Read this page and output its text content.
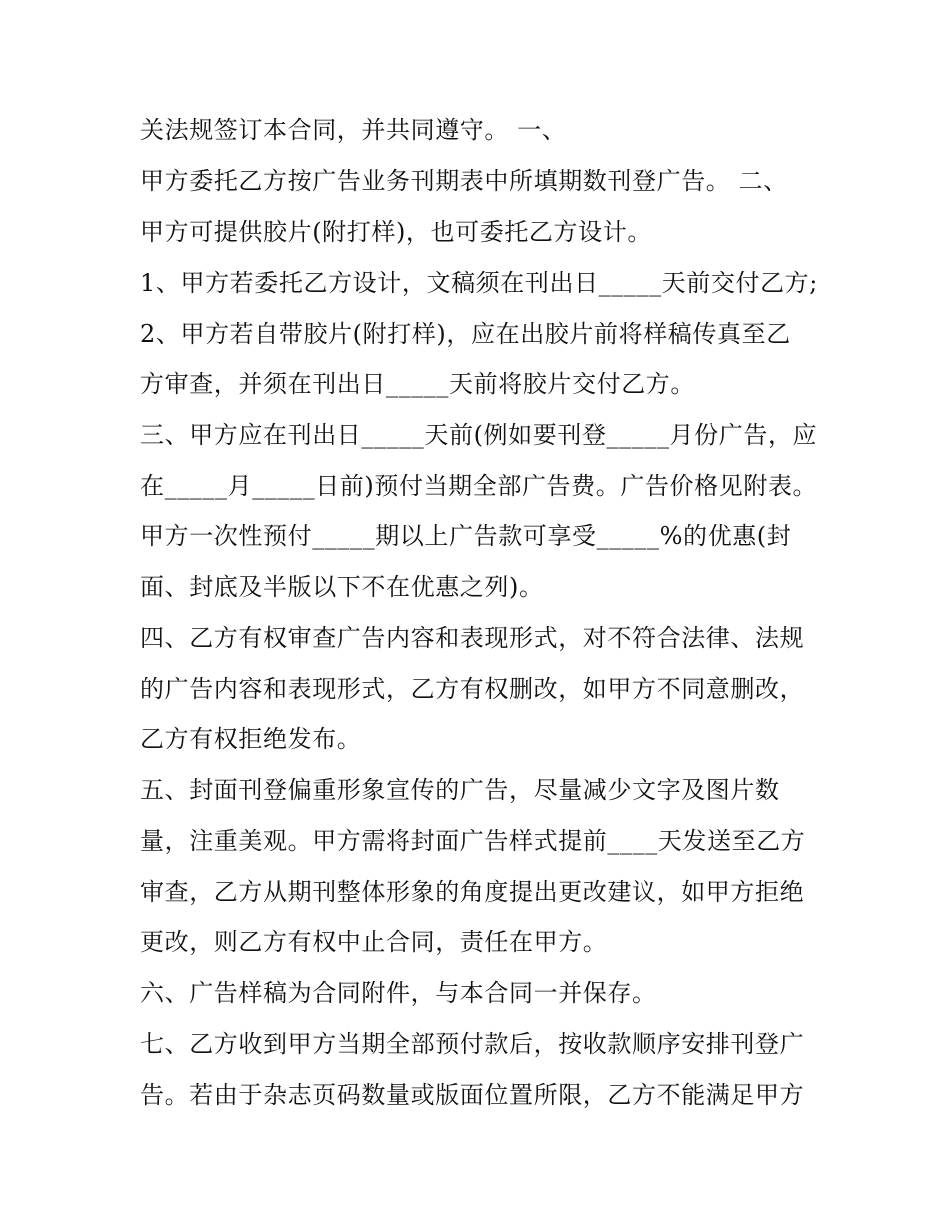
关法规签订本合同，并共同遵守。 一、
甲方委托乙方按广告业务刊期表中所填期数刊登广告。 二、
甲方可提供胶片(附打样)，也可委托乙方设计。
1、甲方若委托乙方设计，文稿须在刊出日_____天前交付乙方;
2、甲方若自带胶片(附打样)，应在出胶片前将样稿传真至乙
方审查，并须在刊出日_____天前将胶片交付乙方。
三、甲方应在刊出日_____天前(例如要刊登_____月份广告，应
在_____月_____日前)预付当期全部广告费。广告价格见附表。
甲方一次性预付_____期以上广告款可享受_____%的优惠(封
面、封底及半版以下不在优惠之列)。
四、乙方有权审查广告内容和表现形式，对不符合法律、法规
的广告内容和表现形式，乙方有权删改，如甲方不同意删改，
乙方有权拒绝发布。
五、封面刊登偏重形象宣传的广告，尽量减少文字及图片数
量，注重美观。甲方需将封面广告样式提前____天发送至乙方
审查，乙方从期刊整体形象的角度提出更改建议，如甲方拒绝
更改，则乙方有权中止合同，责任在甲方。
六、广告样稿为合同附件，与本合同一并保存。
七、乙方收到甲方当期全部预付款后，按收款顺序安排刊登广
告。若由于杂志页码数量或版面位置所限，乙方不能满足甲方
